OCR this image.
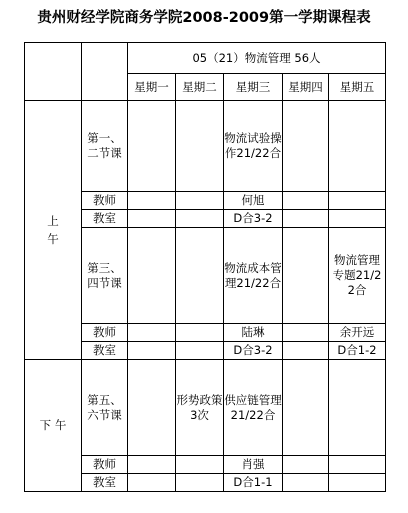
贵州财经学院商务学院2008-2009第一学期课程表
		05（21）物流管理 56人				
		星期一	星期二	星期三	星期四	星期五
上午	第一、二节课			物流试验操作21/22合		
	教师			何旭		
	教室			D合3-2		
	第三、四节课			物流成本管理21/22合		物流管理专题21/22合
	教师			陆琳		余开远
	教室			D合3-2		D合1-2
下 午	第五、六节课		形势政策 3次	供应链管理21/22合		
	教师			肖强		
	教室			D合1-1		
